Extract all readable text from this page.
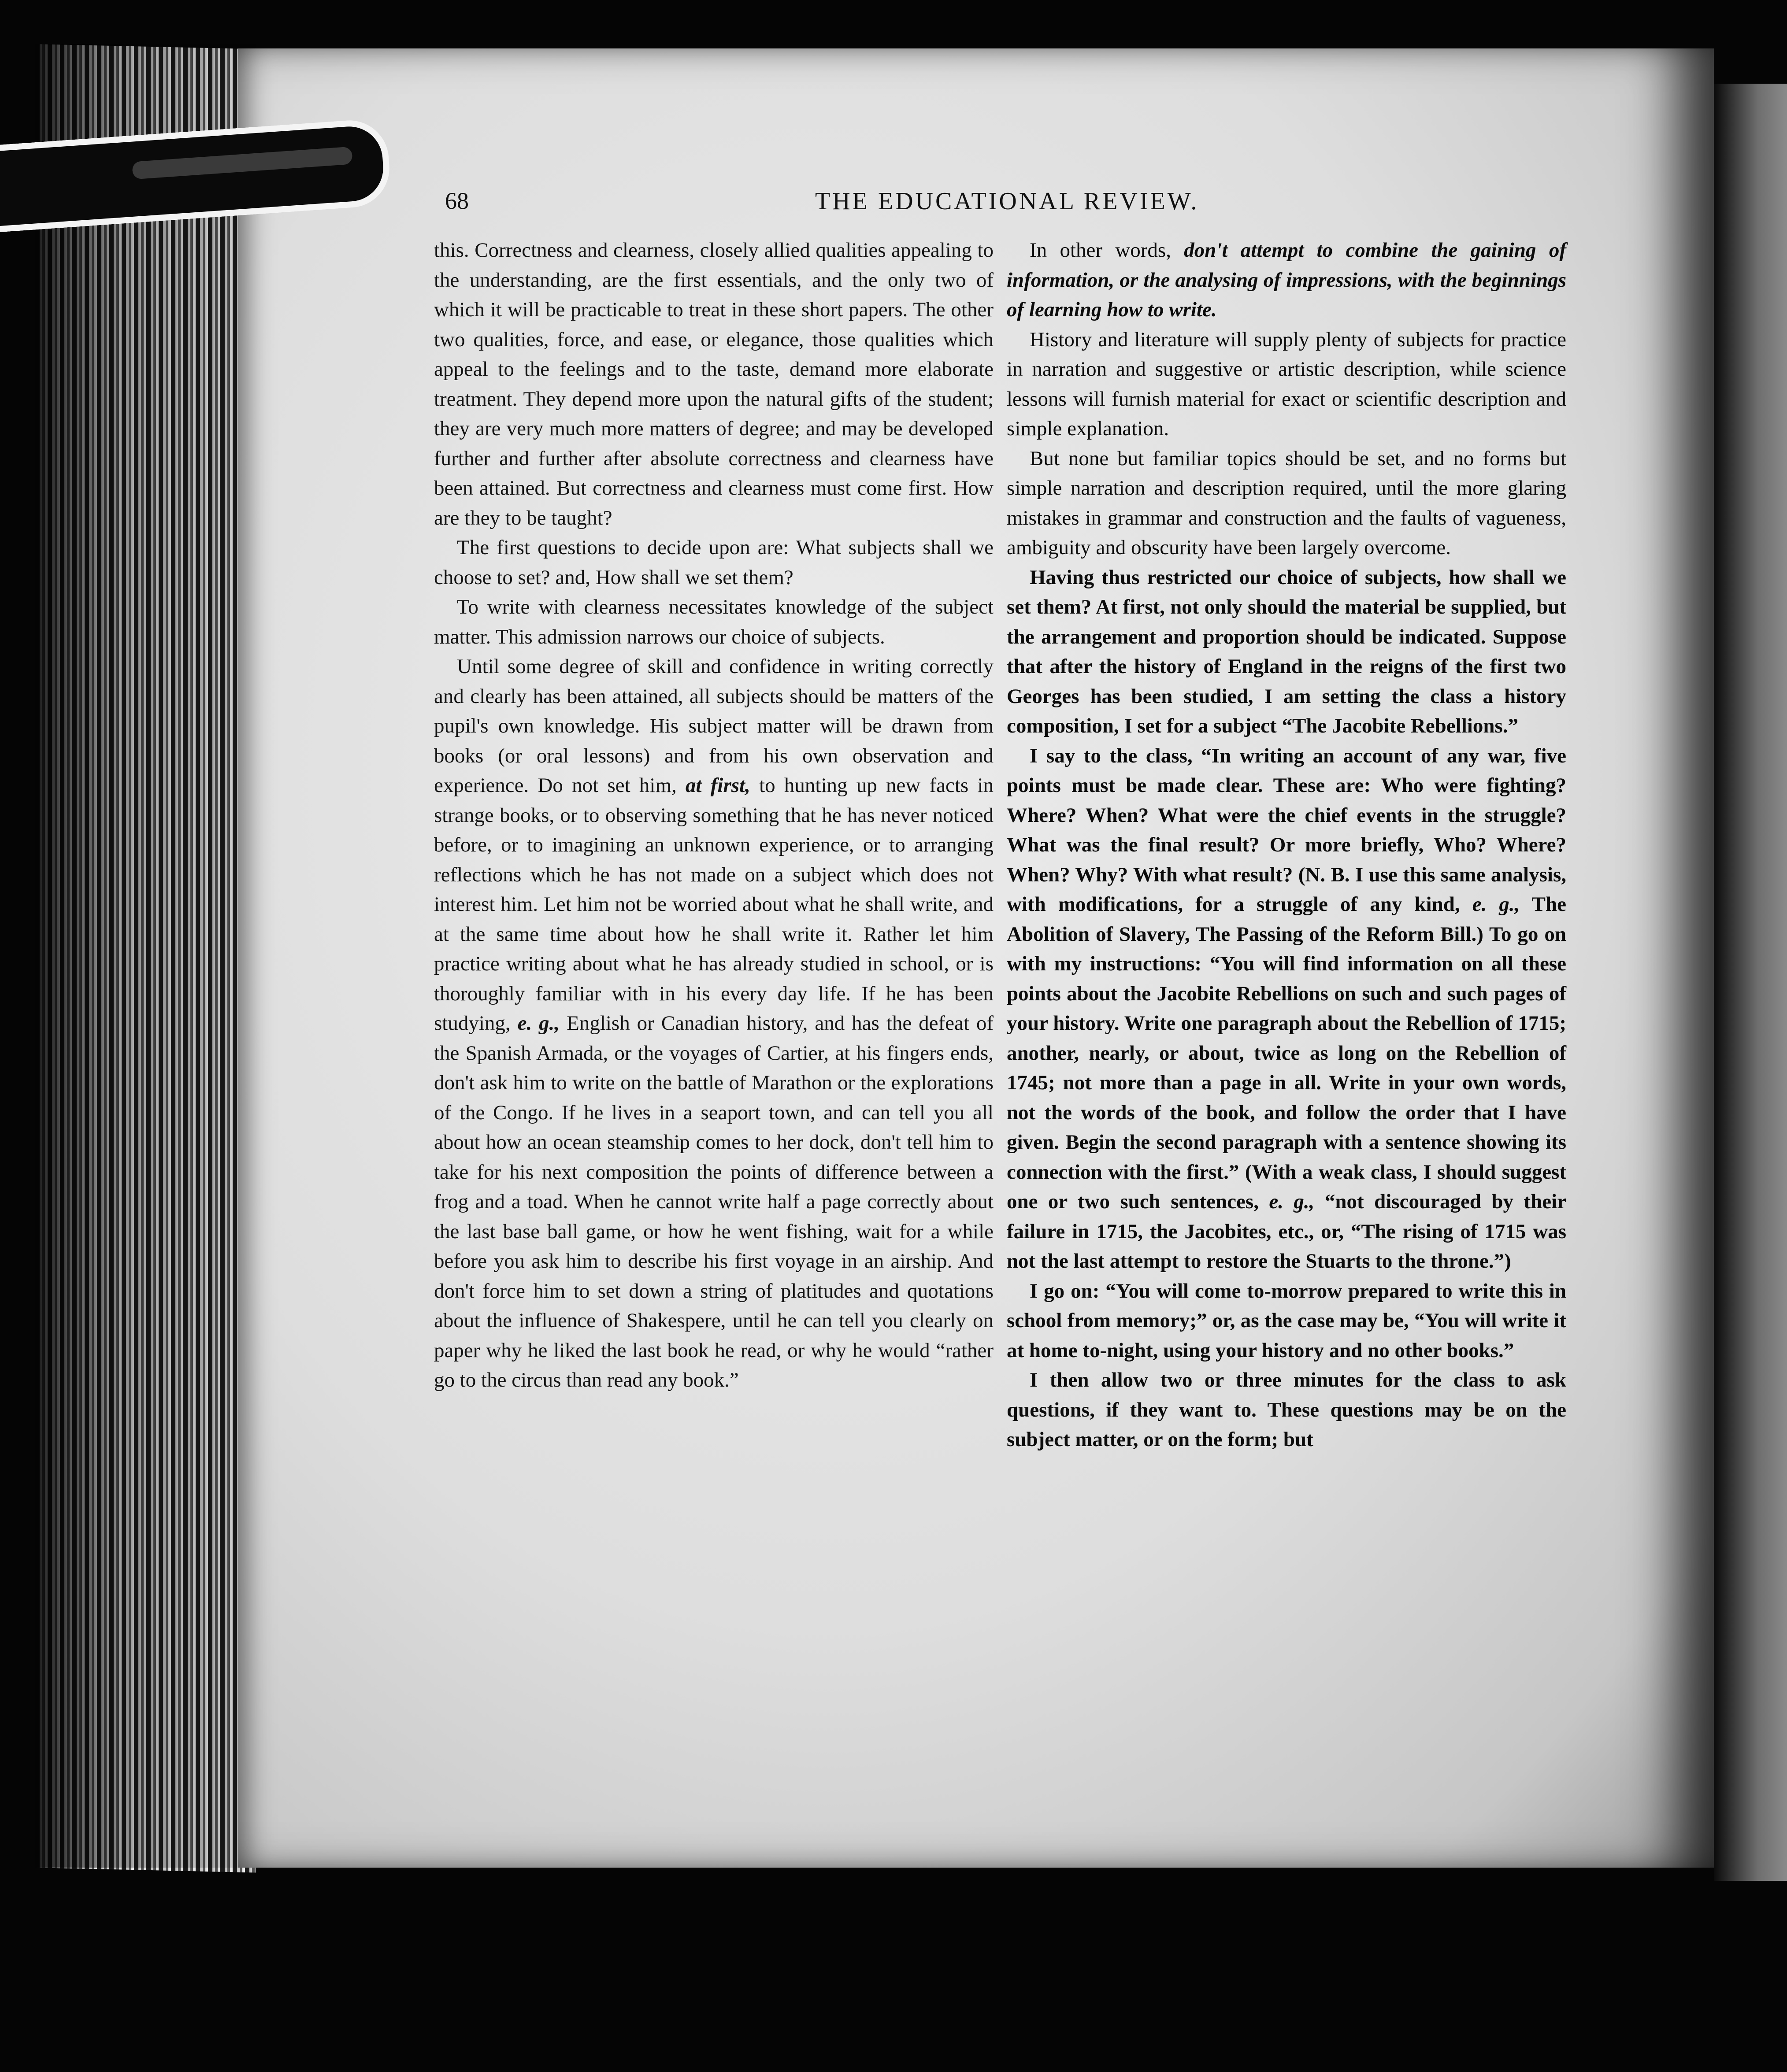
68	THE EDUCATIONAL REVIEW.

this. Correctness and clearness, closely allied qualities appealing to the understanding, are the first essentials, and the only two of which it will be practicable to treat in these short papers. The other two qualities, force, and ease, or elegance, those qualities which appeal to the feelings and to the taste, demand more elaborate treatment. They depend more upon the natural gifts of the student; they are very much more matters of degree; and may be developed further and further after absolute correctness and clearness have been attained. But correctness and clearness must come first. How are they to be taught?

The first questions to decide upon are: What subjects shall we choose to set? and, How shall we set them?

To write with clearness necessitates knowledge of the subject matter. This admission narrows our choice of subjects.

Until some degree of skill and confidence in writing correctly and clearly has been attained, all subjects should be matters of the pupil's own knowledge. His subject matter will be drawn from books (or oral lessons) and from his own observation and experience. Do not set him, at first, to hunting up new facts in strange books, or to observing something that he has never noticed before, or to imagining an unknown experience, or to arranging reflections which he has not made on a subject which does not interest him. Let him not be worried about what he shall write, and at the same time about how he shall write it. Rather let him practice writing about what he has already studied in school, or is thoroughly familiar with in his every day life. If he has been studying, e. g., English or Canadian history, and has the defeat of the Spanish Armada, or the voyages of Cartier, at his fingers ends, don't ask him to write on the battle of Marathon or the explorations of the Congo. If he lives in a seaport town, and can tell you all about how an ocean steamship comes to her dock, don't tell him to take for his next composition the points of difference between a frog and a toad. When he cannot write half a page correctly about the last base ball game, or how he went fishing, wait for a while before you ask him to describe his first voyage in an airship. And don't force him to set down a string of platitudes and quotations about the influence of Shakespere, until he can tell you clearly on paper why he liked the last book he read, or why he would “rather go to the circus than read any book.”

In other words, don't attempt to combine the gaining of information, or the analysing of impressions, with the beginnings of learning how to write.

History and literature will supply plenty of subjects for practice in narration and suggestive or artistic description, while science lessons will furnish material for exact or scientific description and simple explanation.

But none but familiar topics should be set, and no forms but simple narration and description required, until the more glaring mistakes in grammar and construction and the faults of vagueness, ambiguity and obscurity have been largely overcome.

Having thus restricted our choice of subjects, how shall we set them? At first, not only should the material be supplied, but the arrangement and proportion should be indicated. Suppose that after the history of England in the reigns of the first two Georges has been studied, I am setting the class a history composition, I set for a subject “The Jacobite Rebellions.”

I say to the class, “In writing an account of any war, five points must be made clear. These are: Who were fighting? Where? When? What were the chief events in the struggle? What was the final result? Or more briefly, Who? Where? When? Why? With what result? (N. B. I use this same analysis, with modifications, for a struggle of any kind, e. g., The Abolition of Slavery, The Passing of the Reform Bill.) To go on with my instructions: “You will find information on all these points about the Jacobite Rebellions on such and such pages of your history. Write one paragraph about the Rebellion of 1715; another, nearly, or about, twice as long on the Rebellion of 1745; not more than a page in all. Write in your own words, not the words of the book, and follow the order that I have given. Begin the second paragraph with a sentence showing its connection with the first.” (With a weak class, I should suggest one or two such sentences, e. g., “not discouraged by their failure in 1715, the Jacobites, etc., or, “The rising of 1715 was not the last attempt to restore the Stuarts to the throne.”)

I go on: “You will come to-morrow prepared to write this in school from memory;” or, as the case may be, “You will write it at home to-night, using your history and no other books.”

I then allow two or three minutes for the class to ask questions, if they want to. These questions may be on the subject matter, or on the form; but
